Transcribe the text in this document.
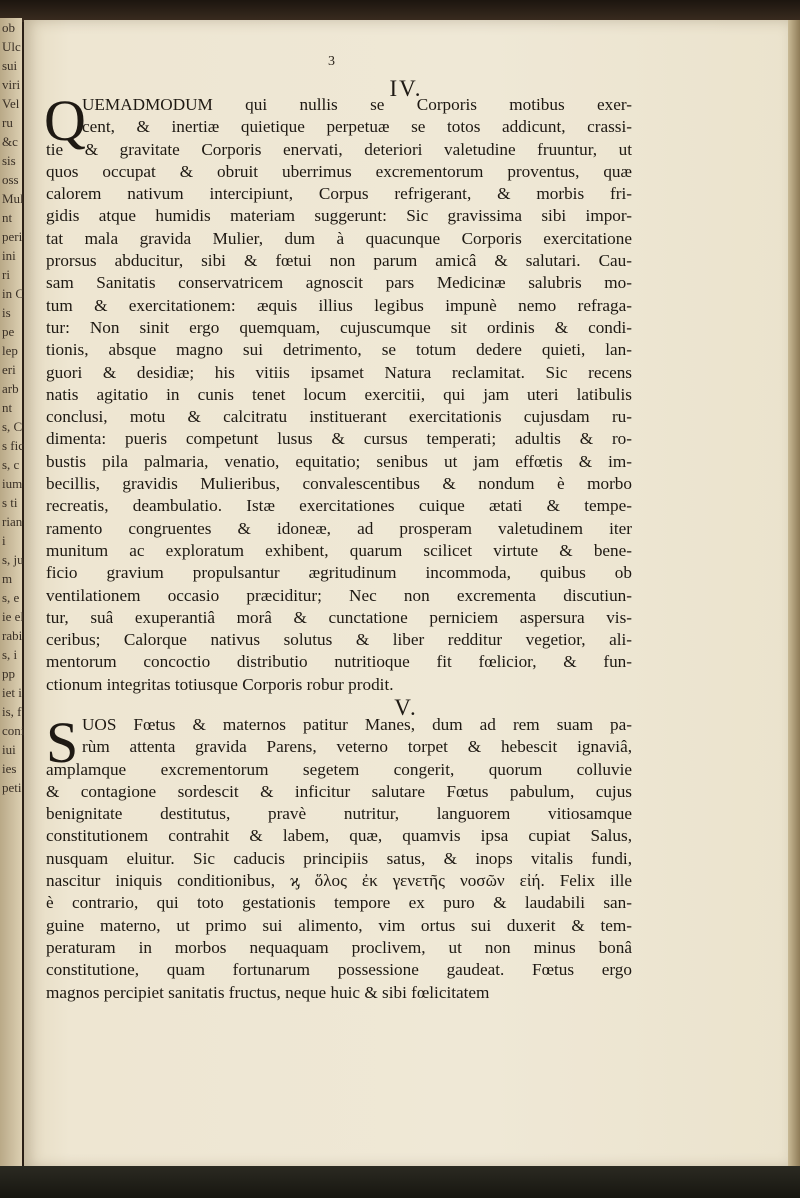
ob
Ulc
sui
viri
Vel
ru
&c
sis
oss
Mul
nt
peri
ini
ri
in C
is
pe
lep
eri
arb
nt
s, C
s fic
s, c
ium
s ti
rian
i
s, ju
m
s, e
ie el
rabi
s, i
pp
iet i
is, f
coni
iui
ies
peti
3
IV.
Q
UEMADMODUM qui nullis se Corporis motibus exer-
cent, & inertiæ quietique perpetuæ se totos addicunt, crassi-
tie & gravitate Corporis enervati, deteriori valetudine fruuntur, ut
quos occupat & obruit uberrimus excrementorum proventus, quæ
calorem nativum intercipiunt, Corpus refrigerant, & morbis fri-
gidis atque humidis materiam suggerunt: Sic gravissima sibi impor-
tat mala gravida Mulier, dum à quacunque Corporis exercitatione
prorsus abducitur, sibi & fœtui non parum amicâ & salutari. Cau-
sam Sanitatis conservatricem agnoscit pars Medicinæ salubris mo-
tum & exercitationem: æquis illius legibus impunè nemo refraga-
tur: Non sinit ergo quemquam, cujuscumque sit ordinis & condi-
tionis, absque magno sui detrimento, se totum dedere quieti, lan-
guori & desidiæ; his vitiis ipsamet Natura reclamitat. Sic recens
natis agitatio in cunis tenet locum exercitii, qui jam uteri latibulis
conclusi, motu & calcitratu instituerant exercitationis cujusdam ru-
dimenta: pueris competunt lusus & cursus temperati; adultis & ro-
bustis pila palmaria, venatio, equitatio; senibus ut jam effœtis & im-
becillis, gravidis Mulieribus, convalescentibus & nondum è morbo
recreatis, deambulatio. Istæ exercitationes cuique ætati & tempe-
ramento congruentes & idoneæ, ad prosperam valetudinem iter
munitum ac exploratum exhibent, quarum scilicet virtute & bene-
ficio gravium propulsantur ægritudinum incommoda, quibus ob
ventilationem occasio præciditur; Nec non excrementa discutiun-
tur, suâ exuperantiâ morâ & cunctatione perniciem aspersura vis-
ceribus; Calorque nativus solutus & liber redditur vegetior, ali-
mentorum concoctio distributio nutritioque fit fœlicior, & fun-
ctionum integritas totiusque Corporis robur prodit.
V.
S UOS Fœtus & maternos patitur Manes, dum ad rem suam pa-
rùm attenta gravida Parens, veterno torpet & hebescit ignaviâ,
amplamque excrementorum segetem congerit, quorum colluvie
& contagione sordescit & inficitur salutare Fœtus pabulum, cujus
benignitate destitutus, pravè nutritur, languorem vitiosamque
constitutionem contrahit & labem, quæ, quamvis ipsa cupiat Salus,
nusquam eluitur. Sic caducis principiis satus, & inops vitalis fundi,
nascitur iniquis conditionibus, ϗ ὅλος ἐκ γενετῆς νοσῶν εἰή. Felix ille
è contrario, qui toto gestationis tempore ex puro & laudabili san-
guine materno, ut primo sui alimento, vim ortus sui duxerit & tem-
peraturam in morbos nequaquam proclivem, ut non minus bonâ
constitutione, quam fortunarum possessione gaudeat. Fœtus ergo
magnos percipiet sanitatis fructus, neque huic & sibi fœlicitatem
